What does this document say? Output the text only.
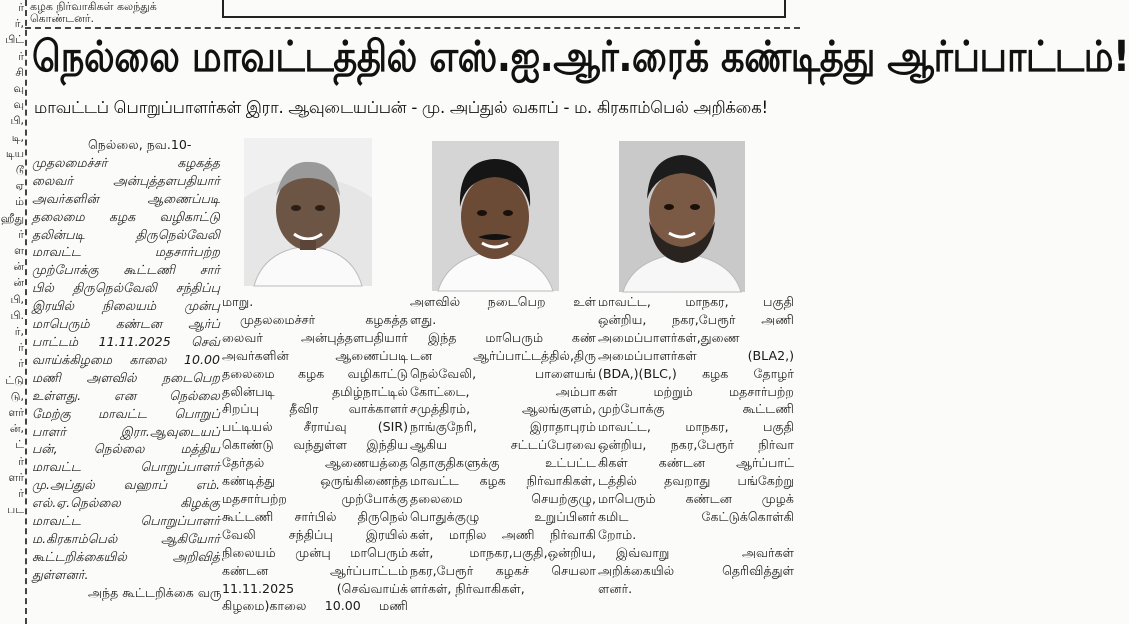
கழக நிர்வாகிகள் கலந்துக்
கொண்டனர்.
ர்
ர்,
பிட்
ர்
சி
வு
வு
பி,
டி,
டிய
டூ
ஏ
ம்
ஹீது
ர்
ள
ன்
ன்
பி,
பி.
ர்,
ர்
ர்
ட்டு
டு,
ளர்
ன்,
ட்
ர்
ளர்
ர்
பட
நெல்லை மாவட்டத்தில் எஸ்.ஐ.ஆர்.ரைக் கண்டித்து ஆர்ப்பாட்டம்!
மாவட்டப் பொறுப்பாளர்கள் இரா. ஆவுடையப்பன் - மு. அப்துல் வகாப் - ம. கிரகாம்பெல் அறிக்கை!
நெல்லை, நவ.10-
முதலமைச்சர் கழகத்த
லைவர் அன்புத்தளபதியார்
அவர்களின் ஆணைப்படி
தலைமை கழக வழிகாட்டு
தலின்படி திருநெல்வேலி
மாவட்ட மதசார்பற்ற
முற்போக்கு கூட்டணி சார்
பில் திருநெல்வேலி சந்திப்பு
இரயில் நிலையம் முன்பு
மாபெரும் கண்டன ஆர்ப்
பாட்டம் 11.11.2025 செவ்
வாய்க்கிழமை காலை 10.00
மணி அளவில் நடைபெற
உள்ளது. என நெல்லை
மேற்கு மாவட்ட பொறுப்
பாளர் இரா.ஆவுடையப்
பன், நெல்லை மத்திய
மாவட்ட பொறுப்பாளர்
மு.அப்துல் வஹாப் எம்.
எல்.ஏ.நெல்லை கிழக்கு
மாவட்ட பொறுப்பாளர்
ம.கிரகாம்பெல் ஆகியோர்
கூட்டறிக்கையில் அறிவித்
துள்ளனர்.
அந்த கூட்டறிக்கை வரு
மாறு.
முதலமைச்சர் கழகத்த
லைவர் அன்புத்தளபதியார்
அவர்களின் ஆணைப்படி
தலைமை கழக வழிகாட்டு
தலின்படி தமிழ்நாட்டில்
சிறப்பு தீவிர வாக்காளர்
பட்டியல் சீராய்வு (SIR)
கொண்டு வந்துள்ள இந்திய
தேர்தல் ஆணையத்தை
கண்டித்து ஒருங்கிணைந்த
மதசார்பற்ற முற்போக்கு
கூட்டணி சார்பில் திருநெல்
வேலி சந்திப்பு இரயில்
நிலையம் முன்பு மாபெரும்
கண்டன ஆர்ப்பாட்டம்
11.11.2025 (செவ்வாய்க்
கிழமை)காலை 10.00 மணி
அளவில் நடைபெற உள்
ளது.
இந்த மாபெரும் கண்
டன ஆர்ப்பாட்டத்தில்,திரு
நெல்வேலி, பாளையங்
கோட்டை, அம்பா
சமுத்திரம், ஆலங்குளம்,
நாங்குநேரி, இராதாபுரம்
ஆகிய சட்டப்பேரவை
தொகுதிகளுக்கு உட்பட்ட
மாவட்ட கழக நிர்வாகிகள்,
தலைமை செயற்குழு,
பொதுக்குழு உறுப்பினர்
கள், மாநில அணி நிர்வாகி
கள், மாநகர,பகுதி,ஒன்றிய,
நகர,பேரூர் கழகச் செயலா
ளர்கள், நிர்வாகிகள்,
மாவட்ட, மாநகர, பகுதி
ஒன்றிய, நகர,பேரூர் அணி
அமைப்பாளர்கள்,துணை
அமைப்பாளர்கள் (BLA2,)
(BDA,)(BLC,) கழக தோழர்
கள் மற்றும் மதசார்பற்ற
முற்போக்கு கூட்டணி
மாவட்ட, மாநகர, பகுதி
ஒன்றிய, நகர,பேரூர் நிர்வா
கிகள் கண்டன ஆர்ப்பாட்
டத்தில் தவறாது பங்கேற்று
மாபெரும் கண்டன முழக்
கமிட கேட்டுக்கொள்கி
றோம்.
இவ்வாறு அவர்கள்
அறிக்கையில் தெரிவித்துள்
ளனர்.
